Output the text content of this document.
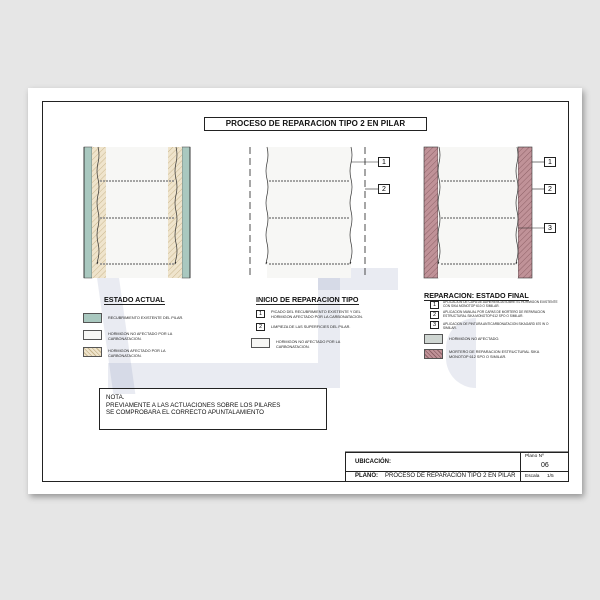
PROCESO DE REPARACION TIPO 2 EN PILAR
1
2
1
2
3
ESTADO ACTUAL
RECUBRIMIENTO EXISTENTE DEL PILAR.
HORMIGON NO AFECTADO POR LA CARBONATACION.
HORMIGON AFECTADO POR LA CARBONATACION.
INICIO DE REPARACION TIPO
1	PICADO DEL RECUBRIMIENTO EXISTENTE Y DEL HORMIGON AFECTADO POR LA CARBONATACION.
2	LIMPIEZA DE LAS SUPERFICIES DEL PILAR.
HORMIGON NO AFECTADO POR LA CARBONATACION.
REPARACION: ESTADO FINAL
1	APLICACION DE CAPA DE ADHERENCIA SOBRE EL HORMIGON EXISTENTE CON SIKA MONOTOP 610 O SIMILAR.
2	APLICACION MANUAL POR CAPAS DE MORTERO DE REPARACION ESTRUCTURAL SIKA MONOTOP 612 SPO O SIMILAR.
3	APLICACION DE PINTURA ANTICARBONATACION SIKAGARD 670 W O SIMILAR.
HORMIGON NO AFECTADO.
MORTERO DE REPARACION ESTRUCTURAL SIKA MONOTOP 612 SPO O SIMILAR.
NOTA.
PREVIAMENTE A LAS ACTUACIONES SOBRE LOS PILARES
SE COMPROBARA EL CORRECTO APUNTALAMIENTO
UBICACIÓN:
PLANO: PROCESO DE REPARACION TIPO 2 EN PILAR
Plano Nº
06
Escala 1/5
